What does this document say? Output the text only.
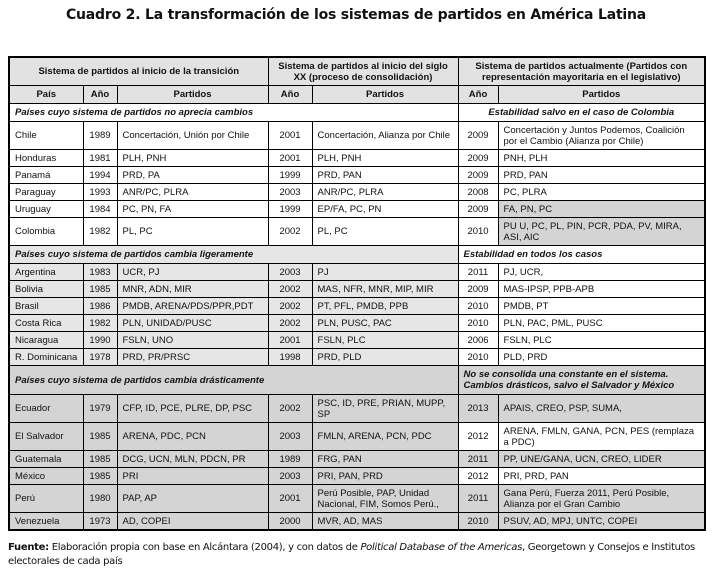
Cuadro 2. La transformación de los sistemas de partidos en América Latina
Sistema de partidos al inicio de la transición			Sistema de partidos al inicio del siglo XX (proceso de consolidación)		Sistema de partidos actualmente (Partidos con representación mayoritaria en el legislativo)	
País	Año	Partidos	Año	Partidos	Año	Partidos
Países cuyo sistema de partidos no aprecia cambios					Estabilidad salvo en el caso de Colombia	
Chile	1989	Concertación, Unión por Chile	2001	Concertación, Alianza por Chile	2009	Concertación y Juntos Podemos, Coalición por el Cambio (Alianza por Chile)
Honduras	1981	PLH, PNH	2001	PLH, PNH	2009	PNH, PLH
Panamá	1994	PRD, PA	1999	PRD, PAN	2009	PRD, PAN
Paraguay	1993	ANR/PC, PLRA	2003	ANR/PC, PLRA	2008	PC, PLRA
Uruguay	1984	PC, PN, FA	1999	EP/FA, PC, PN	2009	FA, PN, PC
Colombia	1982	PL, PC	2002	PL, PC	2010	PU U, PC, PL, PIN, PCR, PDA, PV, MIRA, ASI, AIC
Países cuyo sistema de partidos cambia ligeramente					Estabilidad en todos los casos	
Argentina	1983	UCR, PJ	2003	PJ	2011	PJ, UCR,
Bolivia	1985	MNR, ADN, MIR	2002	MAS, NFR, MNR, MIP, MIR	2009	MAS-IPSP, PPB-APB
Brasil	1986	PMDB, ARENA/PDS/PPR,PDT	2002	PT, PFL, PMDB, PPB	2010	PMDB, PT
Costa Rica	1982	PLN, UNIDAD/PUSC	2002	PLN, PUSC, PAC	2010	PLN, PAC, PML, PUSC
Nicaragua	1990	FSLN, UNO	2001	FSLN, PLC	2006	FSLN, PLC
R. Dominicana	1978	PRD, PR/PRSC	1998	PRD, PLD	2010	PLD, PRD
Países cuyo sistema de partidos cambia drásticamente					No se consolida una constante en el sistema. Cambios drásticos, salvo el Salvador y México	
Ecuador	1979	CFP, ID, PCE, PLRE, DP, PSC	2002	PSC, ID, PRE, PRIAN, MUPP, SP	2013	APAIS, CREO, PSP, SUMA,
El Salvador	1985	ARENA, PDC, PCN	2003	FMLN, ARENA, PCN, PDC	2012	ARENA, FMLN, GANA, PCN, PES (remplaza a PDC)
Guatemala	1985	DCG, UCN, MLN, PDCN, PR	1989	FRG, PAN	2011	PP, UNE/GANA, UCN, CREO, LIDER
México	1985	PRI	2003	PRI, PAN, PRD	2012	PRI, PRD, PAN
Perú	1980	PAP, AP	2001	Perú Posible, PAP, Unidad Nacional, FIM, Somos Perú.,	2011	Gana Perú, Fuerza 2011, Perú Posible, Alianza por el Gran Cambio
Venezuela	1973	AD, COPEI	2000	MVR, AD, MAS	2010	PSUV, AD, MPJ, UNTC, COPEI
Fuente: Elaboración propia con base en Alcántara (2004), y con datos de Political Database of the Americas, Georgetown y Consejos e Institutos electorales de cada país
